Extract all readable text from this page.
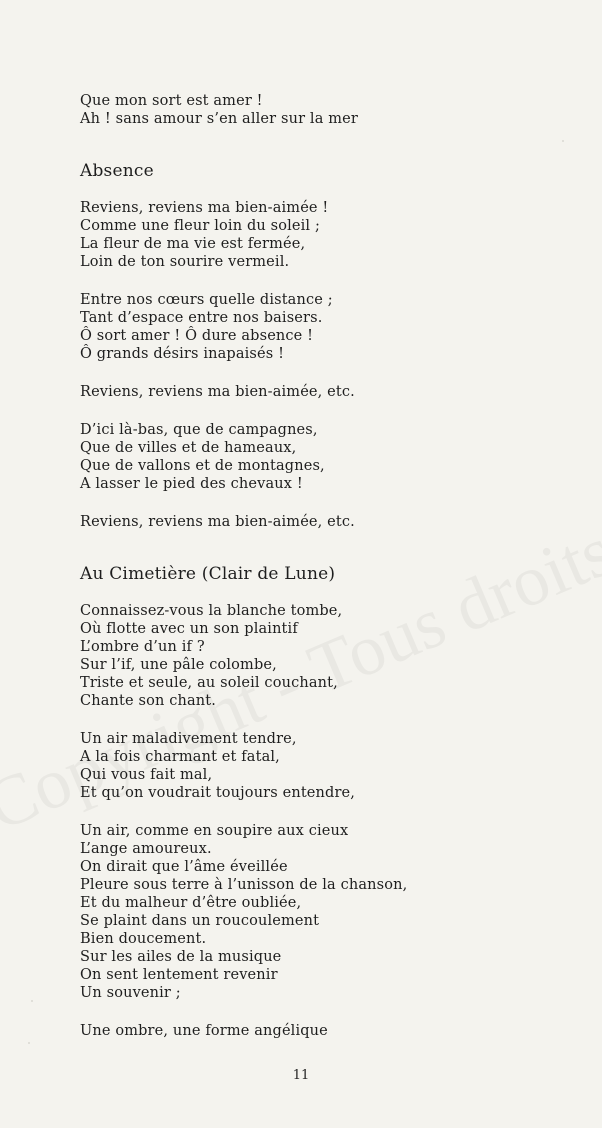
Que mon sort est amer !
Ah ! sans amour s’en aller sur la mer
Absence
Reviens, reviens ma bien-aimée !
Comme une fleur loin du soleil ;
La fleur de ma vie est fermée,
Loin de ton sourire vermeil.
Entre nos cœurs quelle distance ;
Tant d’espace entre nos baisers.
Ô sort amer ! Ô dure absence !
Ô grands désirs inapaisés !
Reviens, reviens ma bien-aimée, etc.
D’ici là-bas, que de campagnes,
Que de villes et de hameaux,
Que de vallons et de montagnes,
A lasser le pied des chevaux !
Reviens, reviens ma bien-aimée, etc.
Au Cimetière (Clair de Lune)
Connaissez-vous la blanche tombe,
Où flotte avec un son plaintif
L’ombre d’un if ?
Sur l’if, une pâle colombe,
Triste et seule, au soleil couchant,
Chante son chant.
Un air maladivement tendre,
A la fois charmant et fatal,
Qui vous fait mal,
Et qu’on voudrait toujours entendre,
Un air, comme en soupire aux cieux
L’ange amoureux.
On dirait que l’âme éveillée
Pleure sous terre à l’unisson de la chanson,
Et du malheur d’être oubliée,
Se plaint dans un roucoulement
Bien doucement.
Sur les ailes de la musique
On sent lentement revenir
Un souvenir ;
Une ombre, une forme angélique
11
